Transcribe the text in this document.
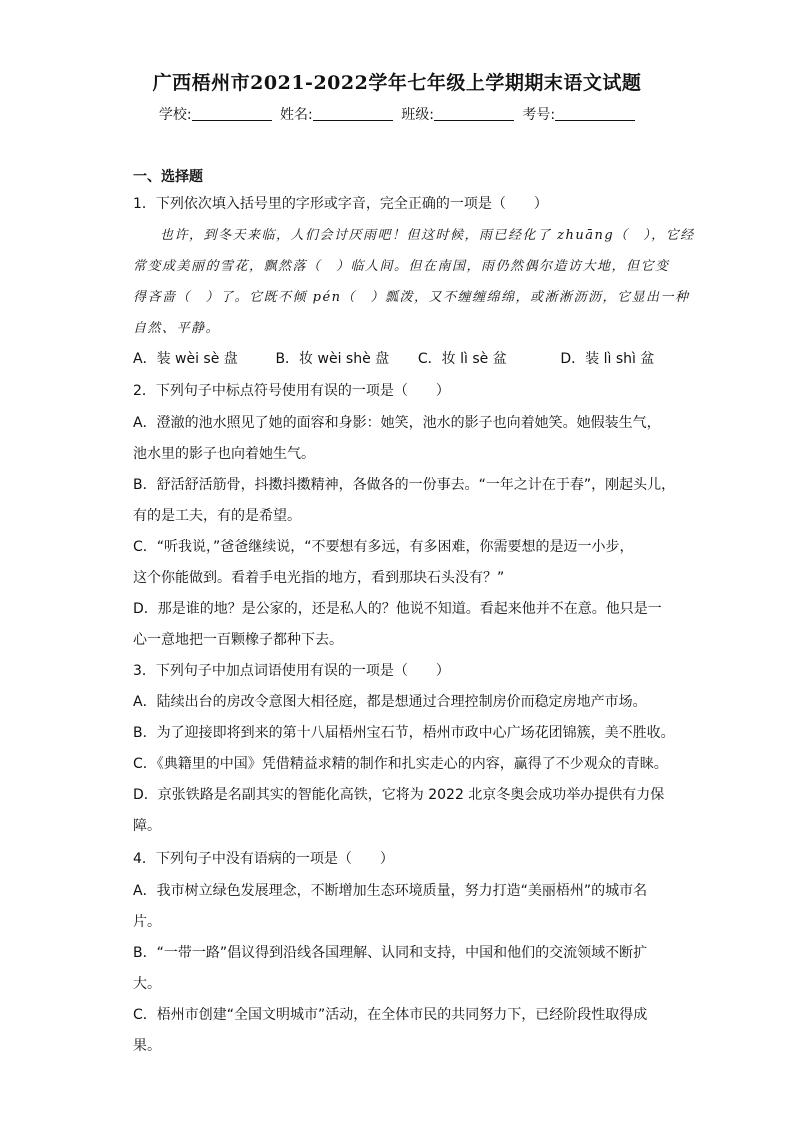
广西梧州市2021-2022学年七年级上学期期末语文试题
学校:	姓名:	班级:	考号:
一、选择题
1．下列依次填入括号里的字形或字音，完全正确的一项是（　　）
也许，到冬天来临，人们会讨厌雨吧！但这时候，雨已经化了 zhuāng（　），它经
常变成美丽的雪花，飘然落（　）临人间。但在南国，雨仍然偶尔造访大地，但它变
得吝啬（　）了。它既不倾 pén（　）瓢泼，又不缠缠绵绵，或淅淅沥沥，它显出一种
自然、平静。
A．装 wèi sè 盘	B．妆 wèi shè 盘 C．妆 lì sè 盆	D．装 lì shì 盆
2．下列句子中标点符号使用有误的一项是（　　）
A．澄澈的池水照见了她的面容和身影：她笑，池水的影子也向着她笑。她假装生气，
池水里的影子也向着她生气。
B．舒活舒活筋骨，抖擞抖擞精神，各做各的一份事去。“一年之计在于春”，刚起头儿，
有的是工夫，有的是希望。
C．“听我说，”爸爸继续说，“不要想有多远，有多困难，你需要想的是迈一小步，
这个你能做到。看着手电光指的地方，看到那块石头没有？”
D．那是谁的地？是公家的，还是私人的？他说不知道。看起来他并不在意。他只是一
心一意地把一百颗橡子都种下去。
3．下列句子中加点词语使用有误的一项是（　　）
A．陆续出台的房改令意图大相径庭，都是想通过合理控制房价而稳定房地产市场。
B．为了迎接即将到来的第十八届梧州宝石节，梧州市政中心广场花团锦簇，美不胜收。
C．《典籍里的中国》凭借精益求精的制作和扎实走心的内容，赢得了不少观众的青睐。
D．京张铁路是名副其实的智能化高铁，它将为 2022 北京冬奥会成功举办提供有力保
障。
4．下列句子中没有语病的一项是（　　）
A．我市树立绿色发展理念，不断增加生态环境质量，努力打造“美丽梧州”的城市名
片。
B．“一带一路”倡议得到沿线各国理解、认同和支持，中国和他们的交流领域不断扩
大。
C．梧州市创建“全国文明城市”活动，在全体市民的共同努力下，已经阶段性取得成
果。
